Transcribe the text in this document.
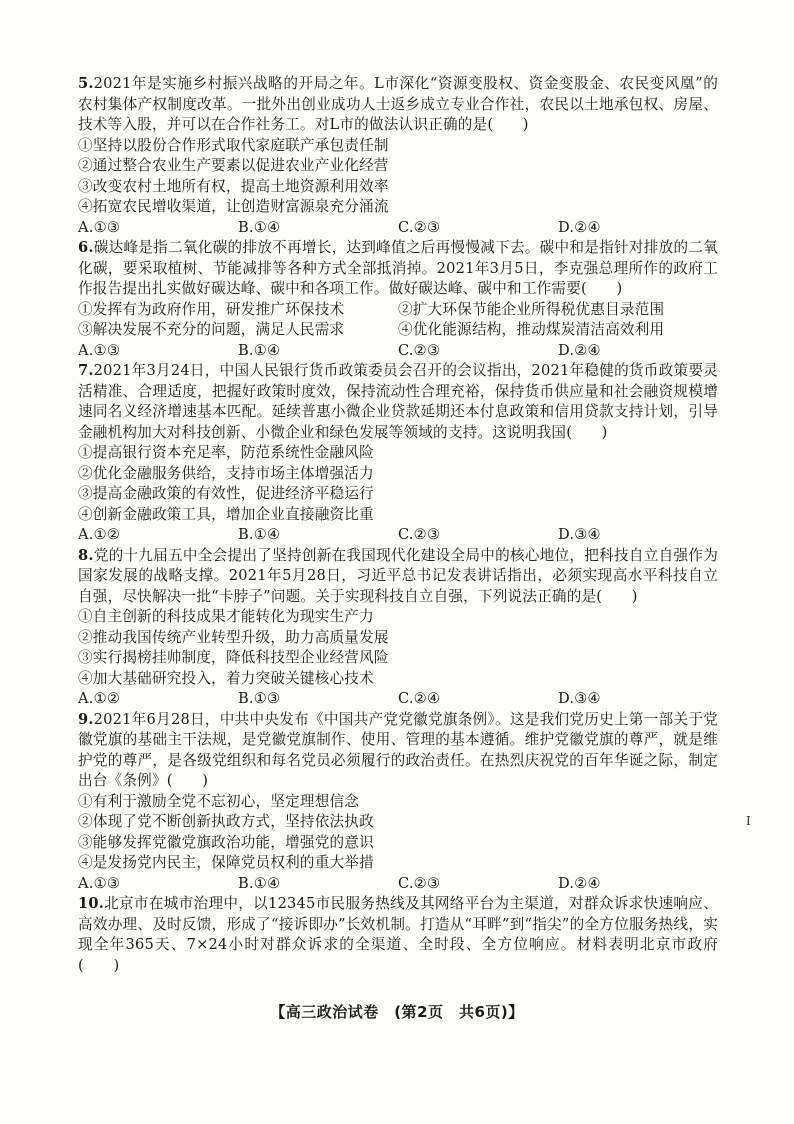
5.2021年是实施乡村振兴战略的开局之年。L市深化“资源变股权、资金变股金、农民变风凰”的农村集体产权制度改革。一批外出创业成功人士返乡成立专业合作社，农民以土地承包权、房屋、技术等入股，并可以在合作社务工。对L市的做法认识正确的是(　　)

①坚持以股份合作形式取代家庭联产承包责任制

②通过整合农业生产要素以促进农业产业化经营

③改变农村土地所有权，提高土地资源利用效率

④拓宽农民增收渠道，让创造财富源泉充分涌流

A.①③	B.①④	C.②③	D.②④

6.碳达峰是指二氧化碳的排放不再增长，达到峰值之后再慢慢减下去。碳中和是指针对排放的二氧化碳，要采取植树、节能减排等各种方式全部抵消掉。2021年3月5日，李克强总理所作的政府工作报告提出扎实做好碳达峰、碳中和各项工作。做好碳达峰、碳中和工作需要(　　)

①发挥有为政府作用，研发推广环保技术	②扩大环保节能企业所得税优惠目录范围
③解决发展不充分的问题，满足人民需求	④优化能源结构，推动煤炭清洁高效利用
A.①③	B.①④	C.②③	D.②④

7.2021年3月24日，中国人民银行货币政策委员会召开的会议指出，2021年稳健的货币政策要灵活精准、合理适度，把握好政策时度效，保持流动性合理充裕，保持货币供应量和社会融资规模增速同名义经济增速基本匹配。延续普惠小微企业贷款延期还本付息政策和信用贷款支持计划，引导金融机构加大对科技创新、小微企业和绿色发展等领域的支持。这说明我国(　　)

①提高银行资本充足率，防范系统性金融风险

②优化金融服务供给，支持市场主体增强活力

③提高金融政策的有效性，促进经济平稳运行

④创新金融政策工具，增加企业直接融资比重

A.①②	B.①④	C.②③	D.③④

8.党的十九届五中全会提出了坚持创新在我国现代化建设全局中的核心地位，把科技自立自强作为国家发展的战略支撑。2021年5月28日，习近平总书记发表讲话指出，必须实现高水平科技自立自强，尽快解决一批“卡脖子”问题。关于实现科技自立自强，下列说法正确的是(　　)

①自主创新的科技成果才能转化为现实生产力

②推动我国传统产业转型升级，助力高质量发展

③实行揭榜挂帅制度，降低科技型企业经营风险

④加大基础研究投入，着力突破关键核心技术

A.①②	B.①③	C.②④	D.③④

9.2021年6月28日，中共中央发布《中国共产党党徽党旗条例》。这是我们党历史上第一部关于党徽党旗的基础主干法规，是党徽党旗制作、使用、管理的基本遵循。维护党徽党旗的尊严，就是维护党的尊严，是各级党组织和每名党员必须履行的政治责任。在热烈庆祝党的百年华诞之际，制定出台《条例》(　　)

①有利于激励全党不忘初心，坚定理想信念

②体现了党不断创新执政方式，坚持依法执政

③能够发挥党徽党旗政治功能，增强党的意识

④是发扬党内民主，保障党员权利的重大举措

A.①③	B.①④	C.②③	D.②④

10.北京市在城市治理中，以12345市民服务热线及其网络平台为主渠道，对群众诉求快速响应、高效办理、及时反馈，形成了“接诉即办”长效机制。打造从“耳畔”到“指尖”的全方位服务热线，实现全年365天、7×24小时对群众诉求的全渠道、全时段、全方位响应。材料表明北京市政府(　　)

I
【高三政治试卷　(第2页　共6页)】
